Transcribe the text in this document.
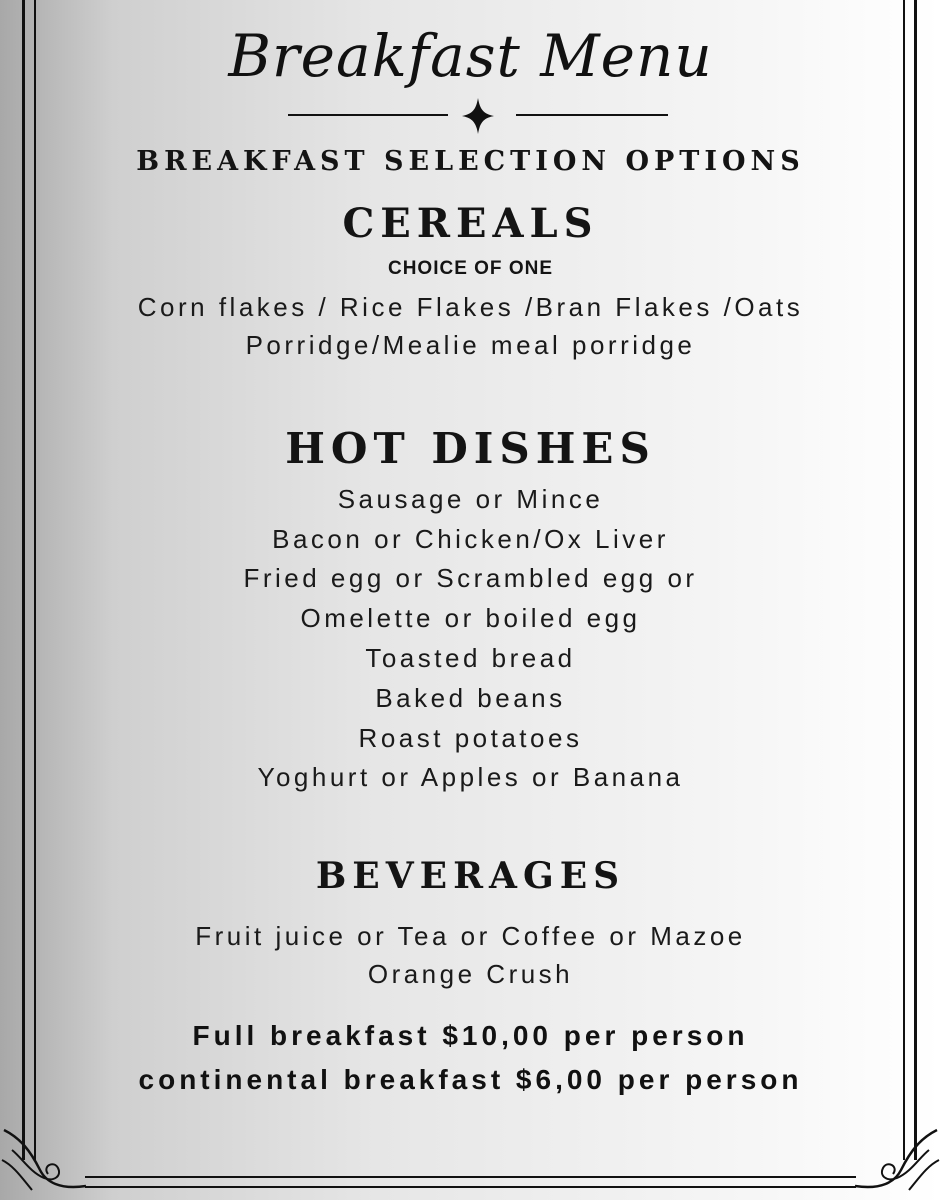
Breakfast Menu
BREAKFAST SELECTION OPTIONS
CEREALS
CHOICE OF ONE
Corn flakes / Rice Flakes /Bran Flakes /Oats
Porridge/Mealie meal porridge
HOT DISHES
Sausage or Mince
Bacon or Chicken/Ox Liver
Fried egg or Scrambled egg or
Omelette or boiled egg
Toasted bread
Baked beans
Roast potatoes
Yoghurt or Apples or Banana
BEVERAGES
Fruit juice or Tea or Coffee or Mazoe
Orange Crush
Full breakfast $10,00 per person
continental breakfast $6,00 per person
